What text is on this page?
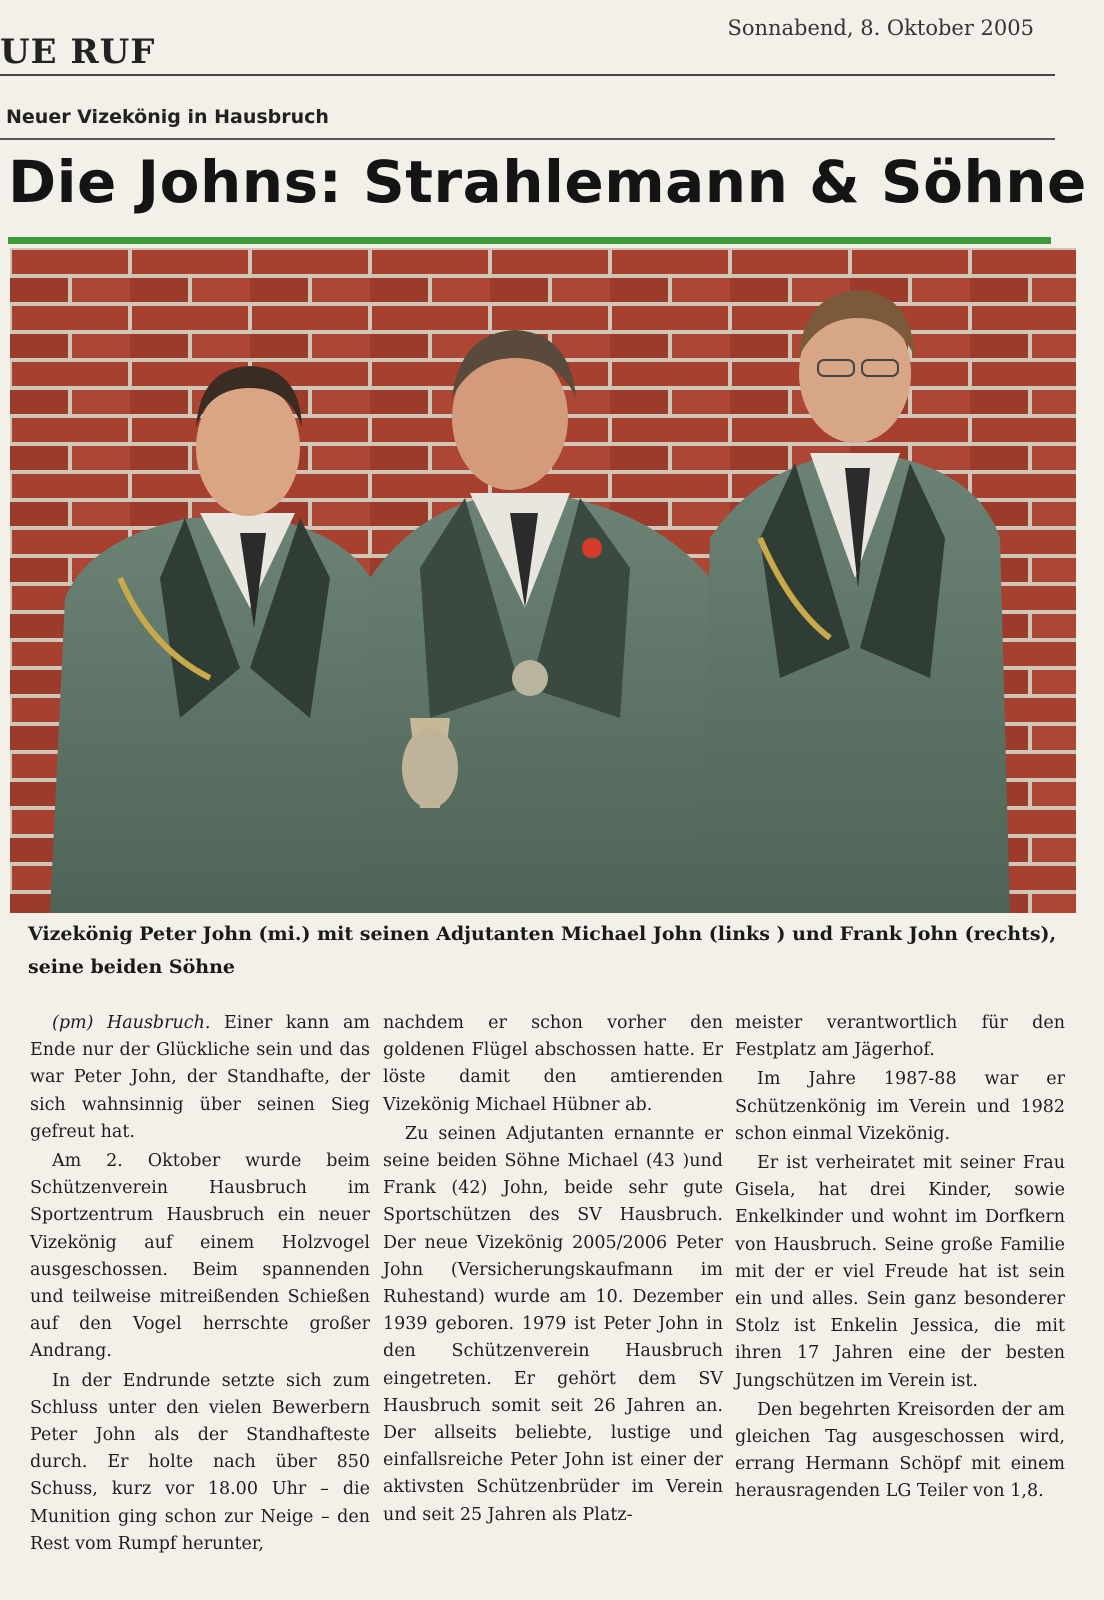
UE RUF
Sonnabend, 8. Oktober 2005
Neuer Vizekönig in Hausbruch
Die Johns: Strahlemann & Söhne
Vizekönig Peter John (mi.) mit seinen Adjutanten Michael John (links ) und Frank John (rechts), seine beiden Söhne

(pm) Hausbruch. Einer kann am Ende nur der Glückliche sein und das war Peter John, der Standhafte, der sich wahnsinnig über seinen Sieg gefreut hat.

Am 2. Oktober wurde beim Schützenverein Hausbruch im Sportzentrum Hausbruch ein neuer Vizekönig auf einem Holzvogel ausgeschossen. Beim spannenden und teilweise mitreißenden Schießen auf den Vogel herrschte großer Andrang.

In der Endrunde setzte sich zum Schluss unter den vielen Bewerbern Peter John als der Standhafteste durch. Er holte nach über 850 Schuss, kurz vor 18.00 Uhr – die Munition ging schon zur Neige – den Rest vom Rumpf herunter,

nachdem er schon vorher den goldenen Flügel abschossen hatte. Er löste damit den amtierenden Vizekönig Michael Hübner ab.

Zu seinen Adjutanten ernannte er seine beiden Söhne Michael (43 )und Frank (42) John, beide sehr gute Sportschützen des SV Hausbruch. Der neue Vizekönig 2005/2006 Peter John (Versicherungskaufmann im Ruhestand) wurde am 10. Dezember 1939 geboren. 1979 ist Peter John in den Schützenverein Hausbruch eingetreten. Er gehört dem SV Hausbruch somit seit 26 Jahren an. Der allseits beliebte, lustige und einfallsreiche Peter John ist einer der aktivsten Schützenbrüder im Verein und seit 25 Jahren als Platz-

meister verantwortlich für den Festplatz am Jägerhof.

Im Jahre 1987-88 war er Schützenkönig im Verein und 1982 schon einmal Vizekönig.

Er ist verheiratet mit seiner Frau Gisela, hat drei Kinder, sowie Enkelkinder und wohnt im Dorfkern von Hausbruch. Seine große Familie mit der er viel Freude hat ist sein ein und alles. Sein ganz besonderer Stolz ist Enkelin Jessica, die mit ihren 17 Jahren eine der besten Jungschützen im Verein ist.

Den begehrten Kreisorden der am gleichen Tag ausgeschossen wird, errang Hermann Schöpf mit einem herausragenden LG Teiler von 1,8.
